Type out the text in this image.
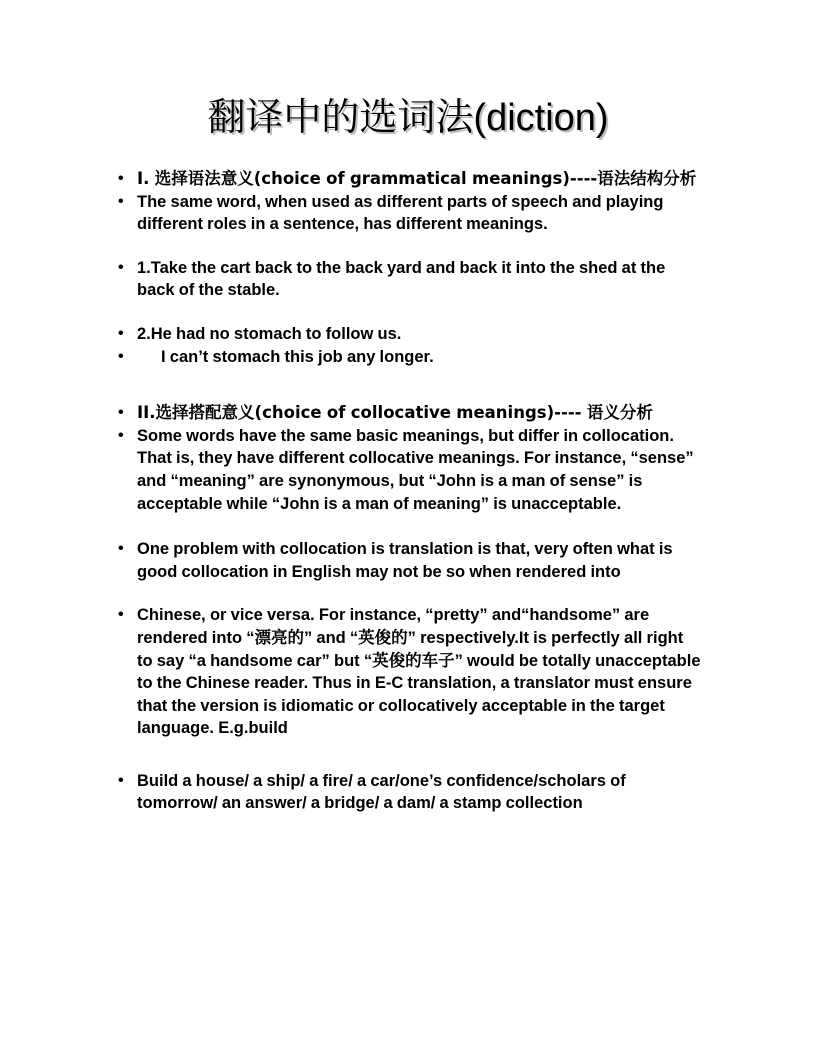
翻译中的选词法(diction)
• I. 选择语法意义(choice of grammatical meanings)----语法结构分析
• The same word, when used as different parts of speech and playing different roles in a sentence, has different meanings.
• 1.Take the cart back to the back yard and back it into the shed at the back of the stable.
• 2.He had no stomach to follow us.
•	I can’t stomach this job any longer.
• II.选择搭配意义(choice of collocative meanings)---- 语义分析
• Some words have the same basic meanings, but differ in collocation. That is, they have different collocative meanings. For instance, “sense” and “meaning” are synonymous, but “John is a man of sense” is acceptable while “John is a man of meaning” is unacceptable.
• One problem with collocation is translation is that, very often what is good collocation in English may not be so when rendered into
• Chinese, or vice versa. For instance, “pretty” and“handsome” are rendered into “漂亮的” and “英俊的” respectively.It is perfectly all right to say “a handsome car” but “英俊的车子” would be totally unacceptable to the Chinese reader. Thus in E-C translation, a translator must ensure that the version is idiomatic or collocatively acceptable in the target language. E.g.build
• Build a house/ a ship/ a fire/ a car/one’s confidence/scholars of tomorrow/ an answer/ a bridge/ a dam/ a stamp collection
